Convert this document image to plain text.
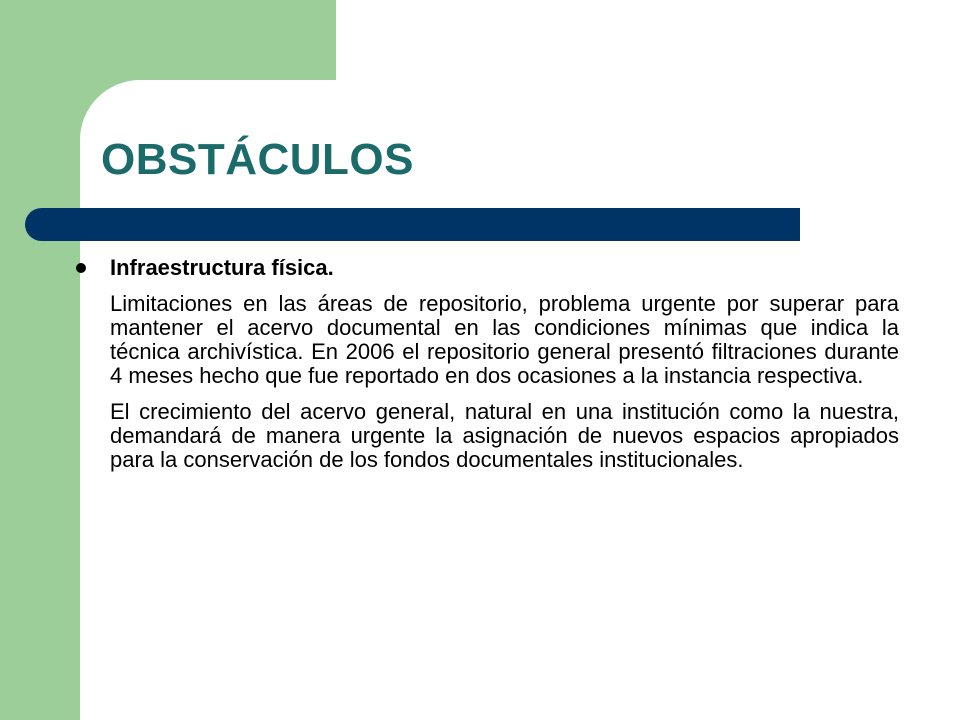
OBSTÁCULOS
Infraestructura física.

Limitaciones en las áreas de repositorio, problema urgente por superar para mantener el acervo documental en las condiciones mínimas que indica la técnica archivística. En 2006 el repositorio general presentó filtraciones durante 4 meses hecho que fue reportado en dos ocasiones a la instancia respectiva.

El crecimiento del acervo general, natural en una institución como la nuestra, demandará de manera urgente la asignación de nuevos espacios apropiados para la conservación de los fondos documentales institucionales.
